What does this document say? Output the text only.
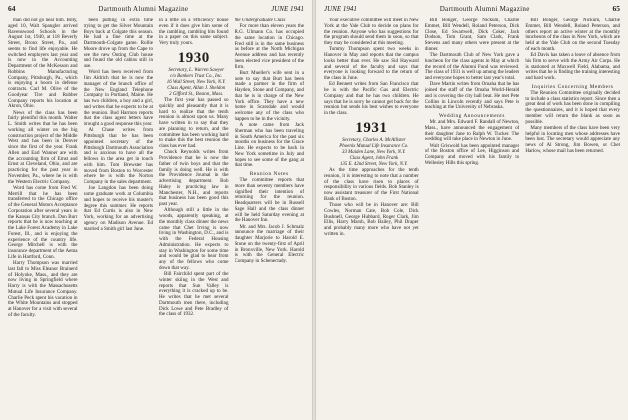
64	Dartmouth Alumni Magazine	JUNE 1941

man did not go near him. Billy, aged 10, Walt Spangler arrived Ravenswood Schools in the August 1st, 1940, at 118 Beverly Street, Bronx Street, Pa., and seems to find life enjoyable. He switched employers last year and is now in the Accounting Department of the McKesson and Robbins Manufacturing Company, Pittsburgh, Pa., which is enjoying a boom in defense contracts. Carl M. Olive of the Goodyear Tire and Rubber Company reports his location at Akron, Ohio.

News of the class has been fairly plentiful this month. Walter L. Smith writes that he has been working all winter on the big construction project of the Middle West and has been in Denver since the first of the year. Frank Allen and Earl Wanner are with the accounting firm of Ernst and Ernst at Cleveland, Ohio, and are practicing for the past year in November, Pa., where he is with the Western Electric Company.

Word has come from Fred W. Merrill that he has been transferred to the Chicago office of the General Motors Acceptance Corporation after several years in the Kansas City branch. Don Burr reports that he is now teaching at the Lake Forest Academy in Lake Forest, Ill., and is enjoying the experience of the country life. George Mitchell is with the insurance department of the Aetna Life in Hartford, Conn.

Harry Thompson was married last fall to Miss Eleanor Brainerd of Holyoke, Mass., and they are now living in Springfield where Harry is with the Massachusetts Mutual Life Insurance Company. Charlie Peck spent his vacation in the White Mountains and stopped at Hanover for a visit with several of the faculty.

been putting in extra time trying to get the Silver Mountain Boys back at Colgate this season. He had a fine time at the Dartmouth-Colgate game. Rollie Moore drove up from the Cape to see the new Outing Club house and found the old cabins still in use.

Word has been received from Jim Aldrich that he is now the manager of the branch office of the New England Telephone Company in Portland, Maine. He has two children, a boy and a girl, and writes that he expects to be at the reunion. Bud Harmon reports that the class agent letters have brought a good response this year.

Al Chase writes from Pittsburgh that he has been appointed secretary of the Pittsburgh Dartmouth Association and is anxious to have all the fellows in the area get in touch with him. Tom Brewster has moved from Boston to Worcester where he is with the Norton Company in the sales department.

Joe Langdon has been doing some graduate work at Columbia and hopes to receive his master's degree this summer. He reports that Ed Curtis is also in New York, working for an advertising agency on Madison Avenue. Ed married a Smith girl last June.

in a little on a 'efficiency' house even if it does give him some of the rambling, rambling bits found in a paper on this same subject. Very truly yours.

1930

Secretary, L. Warren Sawyer

c/o Bankers Trust Co., Inc.

16 Wall Street, New York, N.Y.

Class Agent, Allan J. Sheldon

2 Gifford St., Boston, Mass.

The first year has passed so quickly and pleasantly that it is hard to realize that the tenth reunion is almost upon us. Many have written in to say that they are planning to return, and the committee has been working hard to make this the best reunion the class has ever had.

Chuck Reynolds writes from Providence that he is now the father of twin boys and that the family is doing well. He is with the Providence Journal in the advertising department. Bob Haley is practicing law in Manchester, N.H., and reports that business has been good this past year.

Although still a little in the woods, apparently speaking, at the monthly class dinner the news came that Chet Irving is now living in Washington, D.C., and is with the Federal Housing Administration. He expects to stay in Washington for some time and would be glad to hear from any of the fellows who come down that way.

Bill Fairchild spent part of the winter skiing in the West and reports that Sun Valley is everything it is cracked up to be. He writes that he met several Dartmouth men there, including Dick Lowe and Pete Bradley of the class of 1932.

the Undergraduate Class

For more than eleven years the R.G. Ulmann Co. has occupied the same location in Chicago. Fred still is in the same business as before at the North Michigan Avenue address and has recently been elected vice president of the firm.

Burt Mueller's wife sent in a note to say that Burt has been made a partner in the firm of Hayden, Stone and Company, and that he is in charge of the New York office. They have a new home in Scarsdale and would welcome any of the class who happen to be in the vicinity.

A note came from Jack Sherman who has been traveling in South America for the past six months on business for the Grace Line. He expects to be back in New York sometime in July and hopes to see some of the gang at that time.

Reunion Notes

The committee reports that more than seventy members have signified their intention of returning for the reunion. Headquarters will be in Russell Sage Hall and the class dinner will be held Saturday evening at the Hanover Inn.

Mr. and Mrs. Jacob J. Schmalz announce the marriage of their daughter Marjorie to Harold E. Stone on the twenty-first of April in Bronxville, New York. Harold is with the General Electric Company in Schenectady.

JUNE 1941	Dartmouth Alumni Magazine	65

Your executive committee will meet in New York at the Yale Club to decide on plans for the reunion. Anyone who has suggestions for the program should send them in soon, so that they may be considered at this meeting.

Tommy Thompson spent two weeks in Hanover in May and reports that the campus looks better than ever. He saw Sid Hayward and several of the faculty and says that everyone is looking forward to the return of the class in June.

Ed Bennett writes from San Francisco that he is with the Pacific Gas and Electric Company and that he has two children. He says that he is sorry he cannot get back for the reunion but sends his best wishes to everyone in the class.

1931

Secretary, Charles A. McAllister

Phoenix Mutual Life Insurance Co.

33 Maiden Lane, New York, N.Y.

Class Agent, John Frank

135 E. 42nd Street, New York, N.Y.

As the time approaches for the tenth reunion, it is interesting to note that a number of the class have risen to places of responsibility in various fields. Bob Stanley is now assistant treasurer of the First National Bank of Boston.

Those who will be in Hanover are: Bill Cowles, Norman Cate, Bob Cole, Dick Bushnell, George Hubbard, Roger Clark, Jim Ellis, Harry Marsh, Bob Bailey, Phil Draper and probably many more who have not yet written in.

Bill Bonger, George Nickum, Charlie Emmet, Bill Wendell, Roland Peterson, Dick Close, Ed Swartwell, Dick Coker, Jack Dodson, Tom Grant, Sam Clark, Frank Stevens and many others were present at the dinner.

The Dartmouth Club of New York gave a luncheon for the class agents in May at which the record of the Alumni Fund was reviewed. The class of 1931 is well up among the leaders and everyone hopes to better last year's total.

Dave Martin writes from Omaha that he has joined the staff of the Omaha World-Herald and is covering the city hall beat. He met Pete Collins in Lincoln recently and says Pete is teaching at the University of Nebraska.

Wedding Announcements

Mr. and Mrs. Edward F. Randall of Newton, Mass., have announced the engagement of their daughter Jane to Ralph W. Tucker. The wedding will take place in Newton in June.

Walt Griswold has been appointed manager of the Boston office of Lee, Higginson and Company and moved with his family to Wellesley Hills this spring.

Bill Bonger, George Nickum, Charlie Emmet, Bill Wendell, Roland Peterson, and others report an active winter at the monthly luncheons of the class in New York, which are held at the Yale Club on the second Tuesday of each month.

Ed Davis has taken a leave of absence from his firm to serve with the Army Air Corps. He is stationed at Maxwell Field, Alabama, and writes that he is finding the training interesting and hard work.

Inquiries Concerning Members

The Reunion Committee originally decided to include a class statistics report. Since then a great deal of work has been done in compiling the questionnaires, and it is hoped that every member will return the blank as soon as possible.

Many members of the class have been very helpful in locating men whose addresses have been lost. The secretary would appreciate any news of Al Strong, Jim Bowen, or Chet Harlow, whose mail has been returned.
